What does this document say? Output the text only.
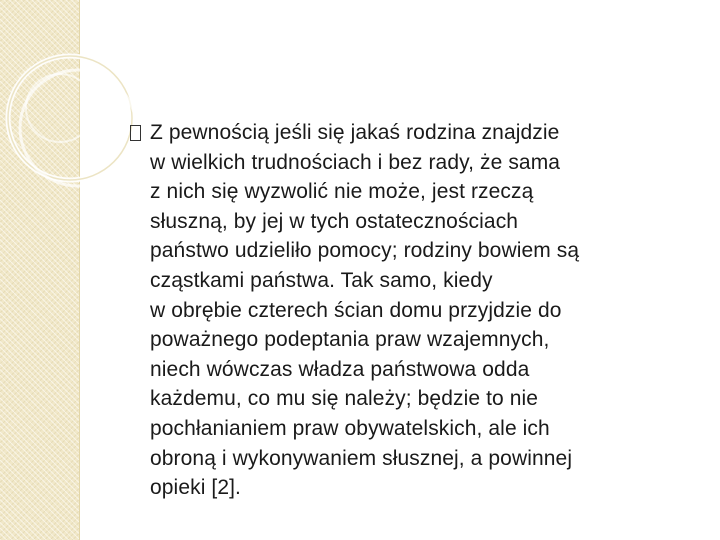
Z pewnością jeśli się jakaś rodzina znajdzie
w wielkich trudnościach i bez rady, że sama
z nich się wyzwolić nie może, jest rzeczą
słuszną, by jej w tych ostatecznościach
państwo udzieliło pomocy; rodziny bowiem są
cząstkami państwa. Tak samo, kiedy
w obrębie czterech ścian domu przyjdzie do
poważnego podeptania praw wzajemnych,
niech wówczas władza państwowa odda
każdemu, co mu się należy; będzie to nie
pochłanianiem praw obywatelskich, ale ich
obroną i wykonywaniem słusznej, a powinnej
opieki [2].
